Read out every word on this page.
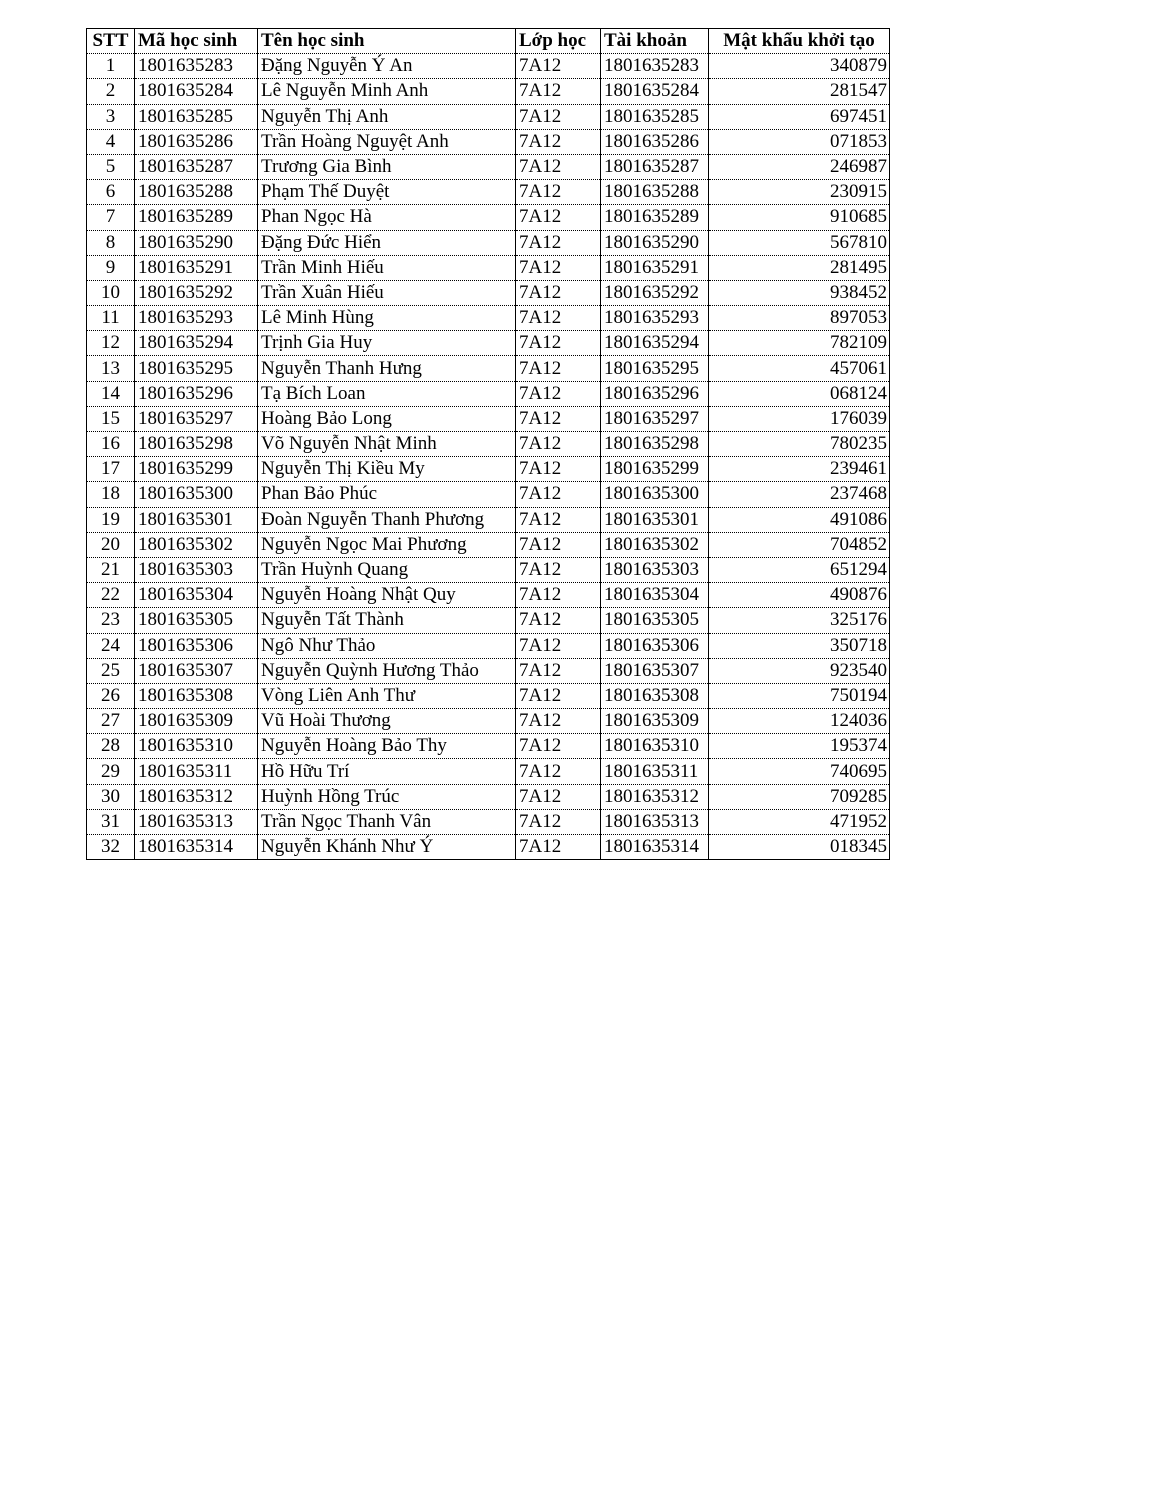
STT	Mã học sinh	Tên học sinh	Lớp học	Tài khoản	Mật khẩu khởi tạo
1	1801635283	Đặng Nguyễn Ý An	7A12	1801635283	340879
2	1801635284	Lê Nguyễn Minh Anh	7A12	1801635284	281547
3	1801635285	Nguyễn Thị Anh	7A12	1801635285	697451
4	1801635286	Trần Hoàng Nguyệt Anh	7A12	1801635286	071853
5	1801635287	Trương Gia Bình	7A12	1801635287	246987
6	1801635288	Phạm Thế Duyệt	7A12	1801635288	230915
7	1801635289	Phan Ngọc Hà	7A12	1801635289	910685
8	1801635290	Đặng Đức Hiển	7A12	1801635290	567810
9	1801635291	Trần Minh Hiếu	7A12	1801635291	281495
10	1801635292	Trần Xuân Hiếu	7A12	1801635292	938452
11	1801635293	Lê Minh Hùng	7A12	1801635293	897053
12	1801635294	Trịnh Gia Huy	7A12	1801635294	782109
13	1801635295	Nguyễn Thanh Hưng	7A12	1801635295	457061
14	1801635296	Tạ Bích Loan	7A12	1801635296	068124
15	1801635297	Hoàng Bảo Long	7A12	1801635297	176039
16	1801635298	Võ Nguyễn Nhật Minh	7A12	1801635298	780235
17	1801635299	Nguyễn Thị Kiều My	7A12	1801635299	239461
18	1801635300	Phan Bảo Phúc	7A12	1801635300	237468
19	1801635301	Đoàn Nguyễn Thanh Phương	7A12	1801635301	491086
20	1801635302	Nguyễn Ngọc Mai Phương	7A12	1801635302	704852
21	1801635303	Trần Huỳnh Quang	7A12	1801635303	651294
22	1801635304	Nguyễn Hoàng Nhật Quy	7A12	1801635304	490876
23	1801635305	Nguyễn Tất Thành	7A12	1801635305	325176
24	1801635306	Ngô Như Thảo	7A12	1801635306	350718
25	1801635307	Nguyễn Quỳnh Hương Thảo	7A12	1801635307	923540
26	1801635308	Vòng Liên Anh Thư	7A12	1801635308	750194
27	1801635309	Vũ Hoài Thương	7A12	1801635309	124036
28	1801635310	Nguyễn Hoàng Bảo Thy	7A12	1801635310	195374
29	1801635311	Hồ Hữu Trí	7A12	1801635311	740695
30	1801635312	Huỳnh Hồng Trúc	7A12	1801635312	709285
31	1801635313	Trần Ngọc Thanh Vân	7A12	1801635313	471952
32	1801635314	Nguyễn Khánh Như Ý	7A12	1801635314	018345
